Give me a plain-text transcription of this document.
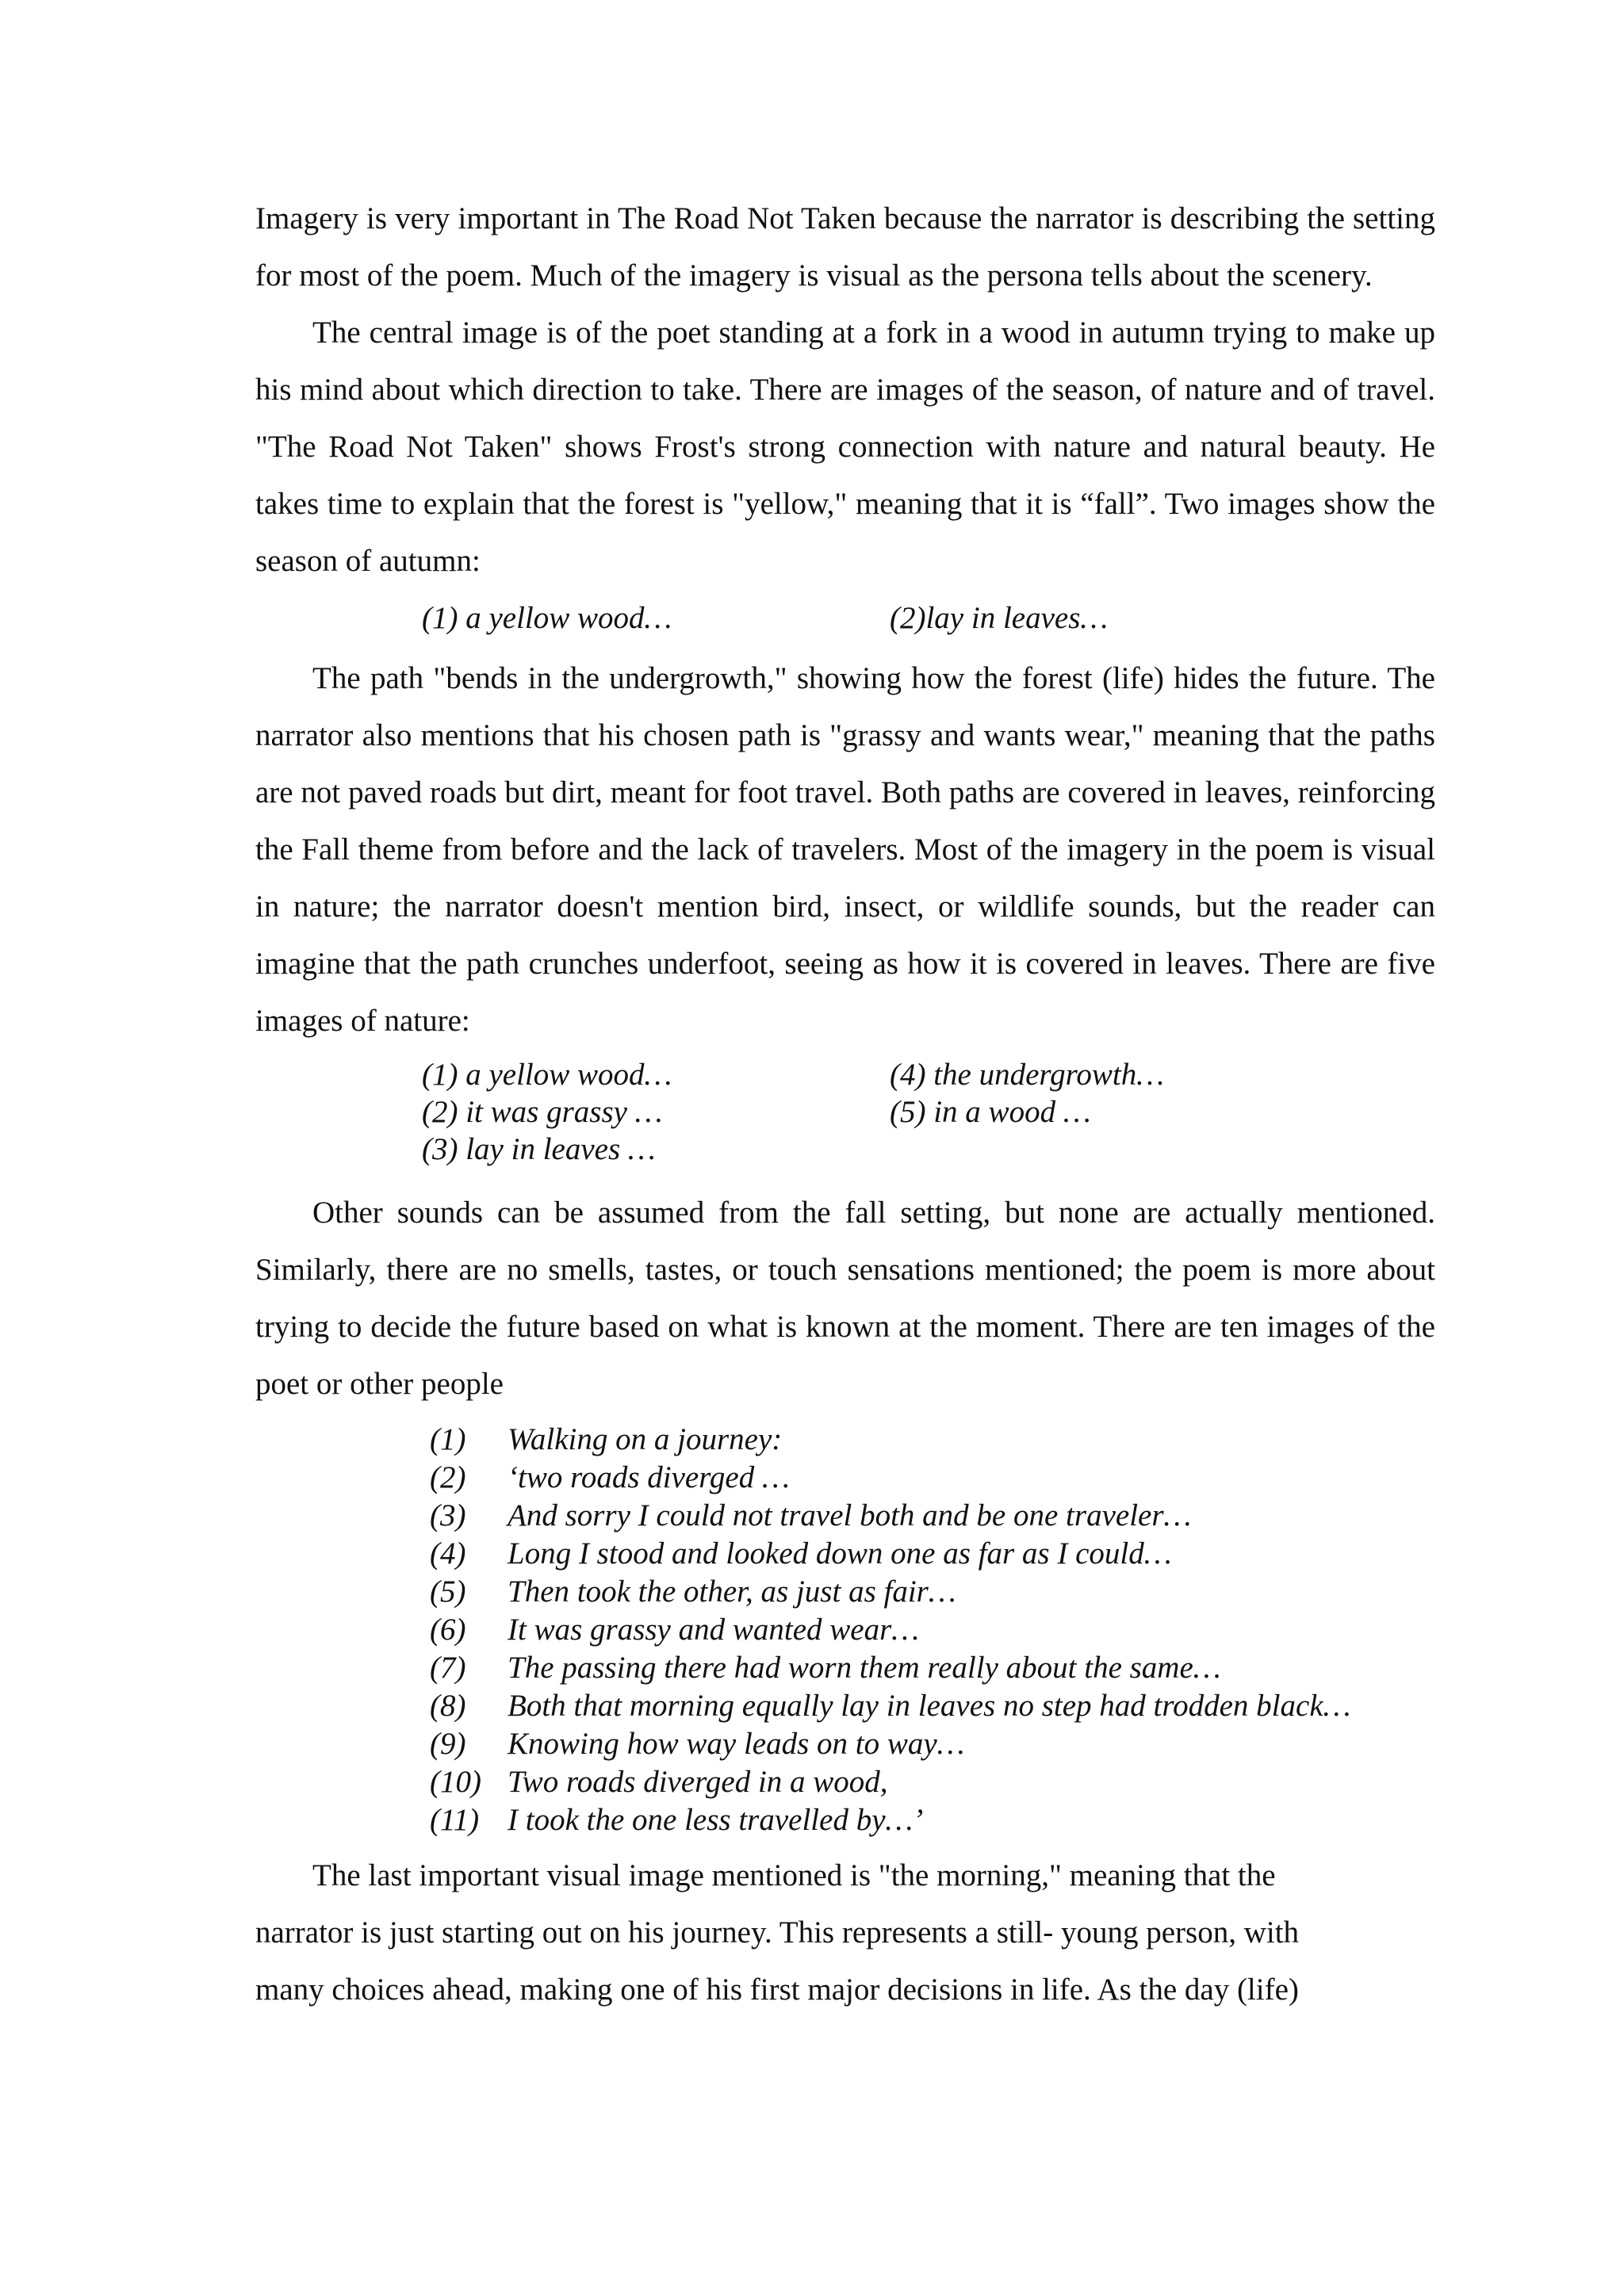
Imagery is very important in The Road Not Taken because the narrator is describing the setting for most of the poem. Much of the imagery is visual as the persona tells about the scenery.

The central image is of the poet standing at a fork in a wood in autumn trying to make up his mind about which direction to take. There are images of the season, of nature and of travel. "The Road Not Taken" shows Frost's strong connection with nature and natural beauty. He takes time to explain that the forest is "yellow," meaning that it is “fall”. Two images show the season of autumn:

(1) a yellow wood…	(2)lay in leaves…

The path "bends in the undergrowth," showing how the forest (life) hides the future. The narrator also mentions that his chosen path is "grassy and wants wear," meaning that the paths are not paved roads but dirt, meant for foot travel. Both paths are covered in leaves, reinforcing the Fall theme from before and the lack of travelers. Most of the imagery in the poem is visual in nature; the narrator doesn't mention bird, insect, or wildlife sounds, but the reader can imagine that the path crunches underfoot, seeing as how it is covered in leaves. There are five images of nature:

(1) a yellow wood…	(4) the undergrowth…
(2) it was grassy …	(5) in a wood …
(3) lay in leaves …

Other sounds can be assumed from the fall setting, but none are actually mentioned. Similarly, there are no smells, tastes, or touch sensations mentioned; the poem is more about trying to decide the future based on what is known at the moment. There are ten images of the poet or other people

(1) Walking on a journey:
(2) ‘two roads diverged …
(3) And sorry I could not travel both and be one traveler…
(4) Long I stood and looked down one as far as I could…
(5) Then took the other, as just as fair…
(6) It was grassy and wanted wear…
(7) The passing there had worn them really about the same…
(8) Both that morning equally lay in leaves no step had trodden black…
(9) Knowing how way leads on to way…
(10) Two roads diverged in a wood,
(11) I took the one less travelled by…’

The last important visual image mentioned is "the morning," meaning that the

narrator is just starting out on his journey. This represents a still- young person, with

many choices ahead, making one of his first major decisions in life. As the day (life)
